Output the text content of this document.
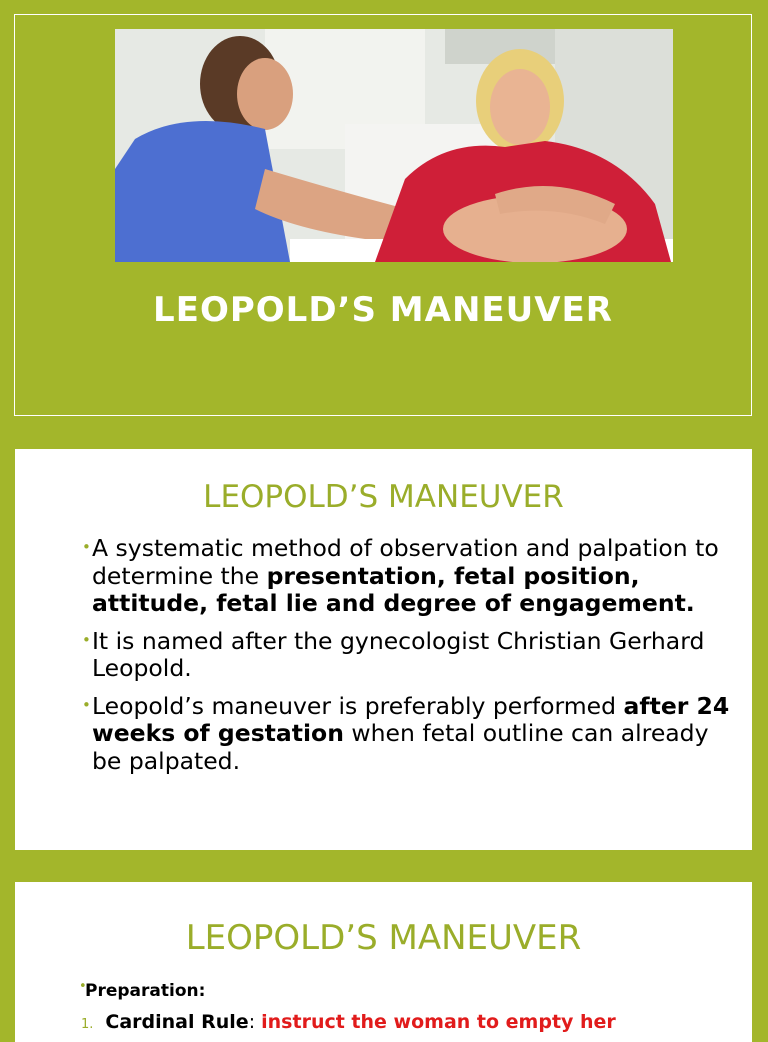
LEOPOLD’S MANEUVER
LEOPOLD’S MANEUVER
• A systematic method of observation and palpation to determine the presentation, fetal position, attitude, fetal lie and degree of engagement.
• It is named after the gynecologist Christian Gerhard Leopold.
• Leopold’s maneuver is preferably performed after 24 weeks of gestation when fetal outline can already be palpated.
LEOPOLD’S MANEUVER
•
Preparation:
1. Cardinal Rule: instruct the woman to empty her
